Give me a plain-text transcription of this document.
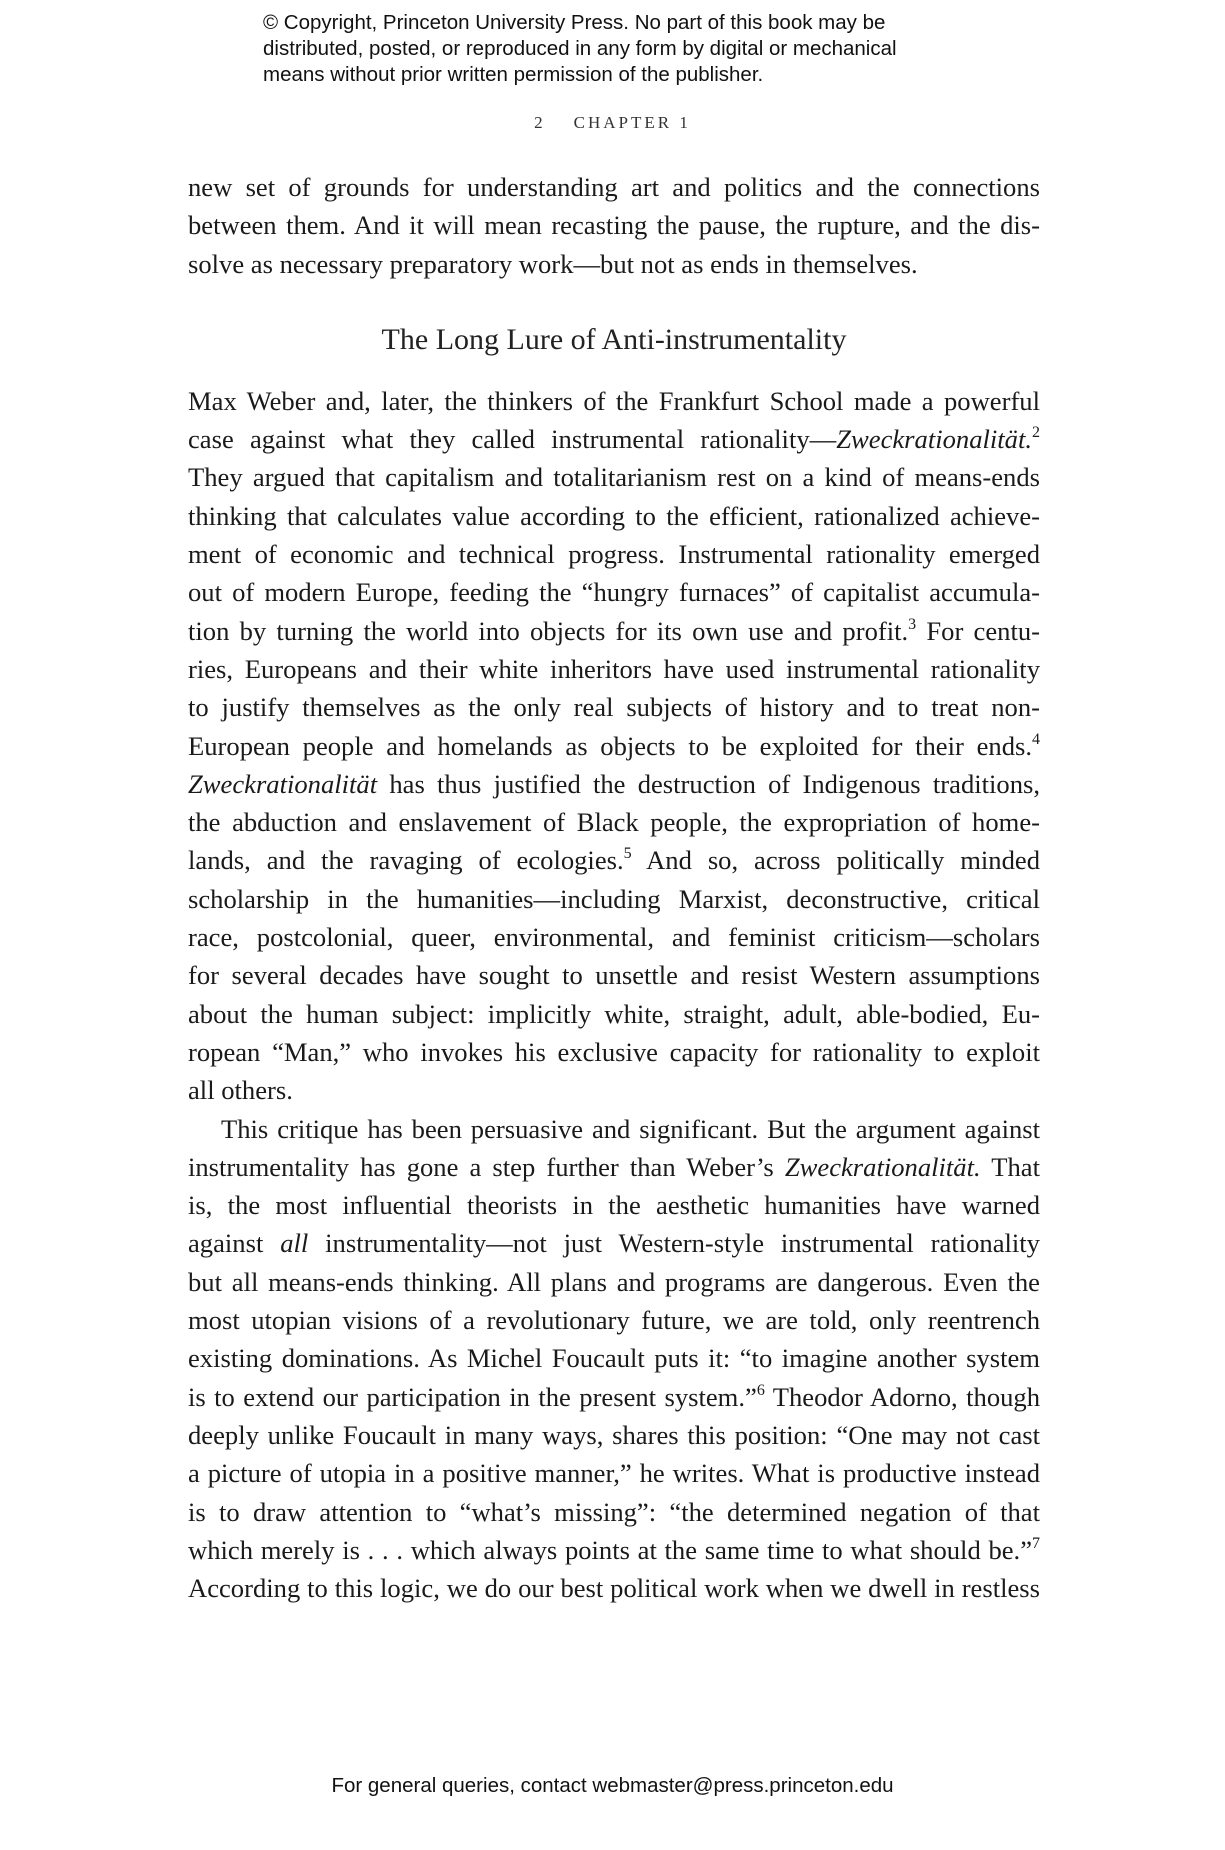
© Copyright, Princeton University Press. No part of this book may be
distributed, posted, or reproduced in any form by digital or mechanical
means without prior written permission of the publisher.
2 CHAPTER 1
new set of grounds for understanding art and politics and the connections
between them. And it will mean recasting the pause, the rupture, and the dis-
solve as necessary preparatory work—but not as ends in themselves.
The Long Lure of Anti-instrumentality
Max Weber and, later, the thinkers of the Frankfurt School made a powerful
case against what they called instrumental rationality—Zweckrationalität.$^2$
They argued that capitalism and totalitarianism rest on a kind of means-ends
thinking that calculates value according to the efficient, rationalized achieve-
ment of economic and technical progress. Instrumental rationality emerged
out of modern Europe, feeding the “hungry furnaces” of capitalist accumula-
tion by turning the world into objects for its own use and profit.$^3$ For centu-
ries, Europeans and their white inheritors have used instrumental rationality
to justify themselves as the only real subjects of history and to treat non-
European people and homelands as objects to be exploited for their ends.$^4$
Zweckrationalität has thus justified the destruction of Indigenous traditions,
the abduction and enslavement of Black people, the expropriation of home-
lands, and the ravaging of ecologies.$^5$ And so, across politically minded
scholarship in the humanities—including Marxist, deconstructive, critical
race, postcolonial, queer, environmental, and feminist criticism—scholars
for several decades have sought to unsettle and resist Western assumptions
about the human subject: implicitly white, straight, adult, able-bodied, Eu-
ropean “Man,” who invokes his exclusive capacity for rationality to exploit
all others.
This critique has been persuasive and significant. But the argument against
instrumentality has gone a step further than Weber’s Zweckrationalität. That
is, the most influential theorists in the aesthetic humanities have warned
against all instrumentality—not just Western-style instrumental rationality
but all means-ends thinking. All plans and programs are dangerous. Even the
most utopian visions of a revolutionary future, we are told, only reentrench
existing dominations. As Michel Foucault puts it: “to imagine another system
is to extend our participation in the present system.”$^6$ Theodor Adorno, though
deeply unlike Foucault in many ways, shares this position: “One may not cast
a picture of utopia in a positive manner,” he writes. What is productive instead
is to draw attention to “what’s missing”: “the determined negation of that
which merely is . . . which always points at the same time to what should be.”$^7$
According to this logic, we do our best political work when we dwell in restless
For general queries, contact webmaster@press.princeton.edu
